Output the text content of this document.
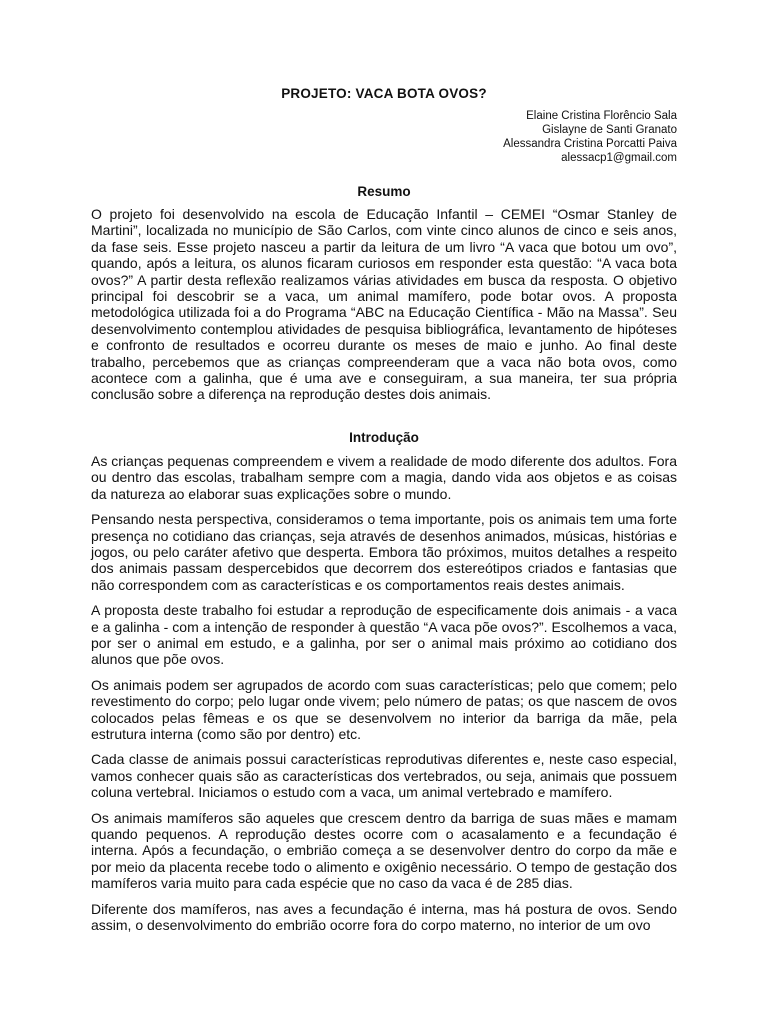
PROJETO: VACA BOTA OVOS?
Elaine Cristina Florêncio Sala
Gislayne de Santi Granato
Alessandra Cristina Porcatti Paiva
alessacp1@gmail.com
Resumo

O projeto foi desenvolvido na escola de Educação Infantil – CEMEI “Osmar Stanley de Martini”, localizada no município de São Carlos, com vinte cinco alunos de cinco e seis anos, da fase seis. Esse projeto nasceu a partir da leitura de um livro “A vaca que botou um ovo”, quando, após a leitura, os alunos ficaram curiosos em responder esta questão: “A vaca bota ovos?” A partir desta reflexão realizamos várias atividades em busca da resposta. O objetivo principal foi descobrir se a vaca, um animal mamífero, pode botar ovos. A proposta metodológica utilizada foi a do Programa “ABC na Educação Científica - Mão na Massa”. Seu desenvolvimento contemplou atividades de pesquisa bibliográfica, levantamento de hipóteses e confronto de resultados e ocorreu durante os meses de maio e junho. Ao final deste trabalho, percebemos que as crianças compreenderam que a vaca não bota ovos, como acontece com a galinha, que é uma ave e conseguiram, a sua maneira, ter sua própria conclusão sobre a diferença na reprodução destes dois animais.

Introdução

As crianças pequenas compreendem e vivem a realidade de modo diferente dos adultos. Fora ou dentro das escolas, trabalham sempre com a magia, dando vida aos objetos e as coisas da natureza ao elaborar suas explicações sobre o mundo.

Pensando nesta perspectiva, consideramos o tema importante, pois os animais tem uma forte presença no cotidiano das crianças, seja através de desenhos animados, músicas, histórias e jogos, ou pelo caráter afetivo que desperta. Embora tão próximos, muitos detalhes a respeito dos animais passam despercebidos que decorrem dos estereótipos criados e fantasias que não correspondem com as características e os comportamentos reais destes animais.

A proposta deste trabalho foi estudar a reprodução de especificamente dois animais - a vaca e a galinha - com a intenção de responder à questão “A vaca põe ovos?”. Escolhemos a vaca, por ser o animal em estudo, e a galinha, por ser o animal mais próximo ao cotidiano dos alunos que põe ovos.

Os animais podem ser agrupados de acordo com suas características; pelo que comem; pelo revestimento do corpo; pelo lugar onde vivem; pelo número de patas; os que nascem de ovos colocados pelas fêmeas e os que se desenvolvem no interior da barriga da mãe, pela estrutura interna (como são por dentro) etc.

Cada classe de animais possui características reprodutivas diferentes e, neste caso especial, vamos conhecer quais são as características dos vertebrados, ou seja, animais que possuem coluna vertebral. Iniciamos o estudo com a vaca, um animal vertebrado e mamífero.

Os animais mamíferos são aqueles que crescem dentro da barriga de suas mães e mamam quando pequenos. A reprodução destes ocorre com o acasalamento e a fecundação é interna. Após a fecundação, o embrião começa a se desenvolver dentro do corpo da mãe e por meio da placenta recebe todo o alimento e oxigênio necessário. O tempo de gestação dos mamíferos varia muito para cada espécie que no caso da vaca é de 285 dias.

Diferente dos mamíferos, nas aves a fecundação é interna, mas há postura de ovos. Sendo assim, o desenvolvimento do embrião ocorre fora do corpo materno, no interior de um ovo
